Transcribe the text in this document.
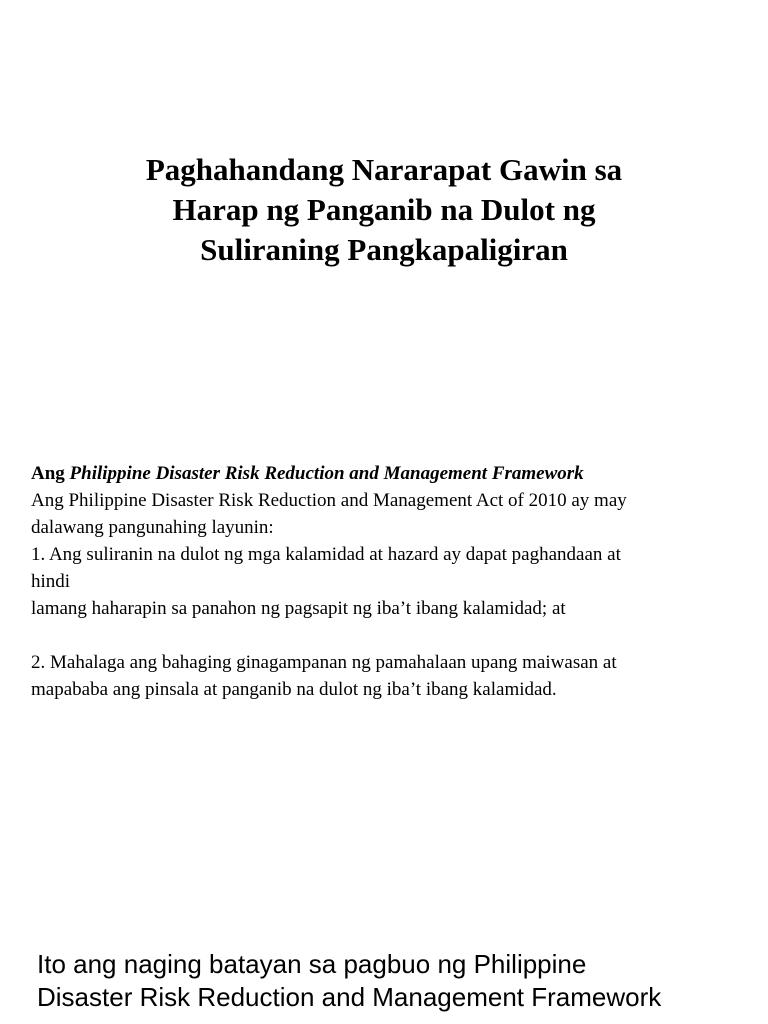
Paghahandang Nararapat Gawin sa
Harap ng Panganib na Dulot ng
Suliraning Pangkapaligiran
Ang Philippine Disaster Risk Reduction and Management Framework
Ang Philippine Disaster Risk Reduction and Management Act of 2010 ay may
dalawang pangunahing layunin:
1. Ang suliranin na dulot ng mga kalamidad at hazard ay dapat paghandaan at
hindi
lamang haharapin sa panahon ng pagsapit ng iba’t ibang kalamidad; at
2. Mahalaga ang bahaging ginagampanan ng pamahalaan upang maiwasan at
mapababa ang pinsala at panganib na dulot ng iba’t ibang kalamidad.
Ito ang naging batayan sa pagbuo ng Philippine
Disaster Risk Reduction and Management Framework
